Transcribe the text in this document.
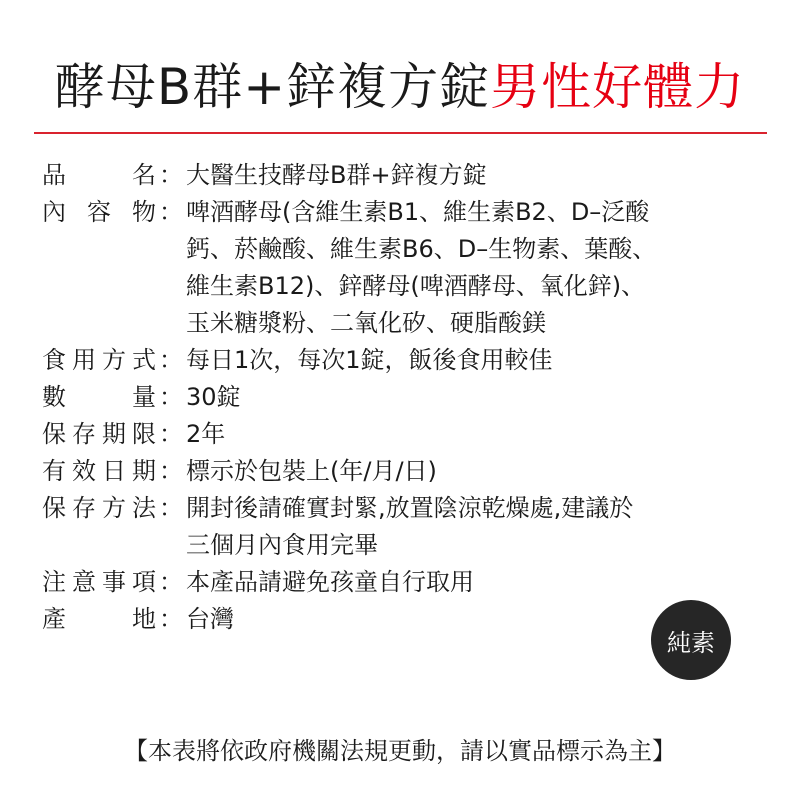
酵母B群+鋅複方錠男性好體力
品	名 ： 大醫生技酵母B群+鋅複方錠
內 容 物 ： 啤酒酵母(含維生素B1、維生素B2、D–泛酸
鈣、菸鹼酸、維生素B6、D–生物素、葉酸、
維生素B12)、鋅酵母(啤酒酵母、氧化鋅)、
玉米糖漿粉、二氧化矽、硬脂酸鎂
食 用 方 式 ： 每日1次，每次1錠，飯後食用較佳
數	量 ： 30錠
保 存 期 限 ： 2年
有 效 日 期 ： 標示於包裝上(年/月/日)
保 存 方 法 ： 開封後請確實封緊,放置陰涼乾燥處,建議於
三個月內食用完畢
注 意 事 項 ： 本產品請避免孩童自行取用
產	地 ： 台灣
純素
【本表將依政府機關法規更動，請以實品標示為主】
